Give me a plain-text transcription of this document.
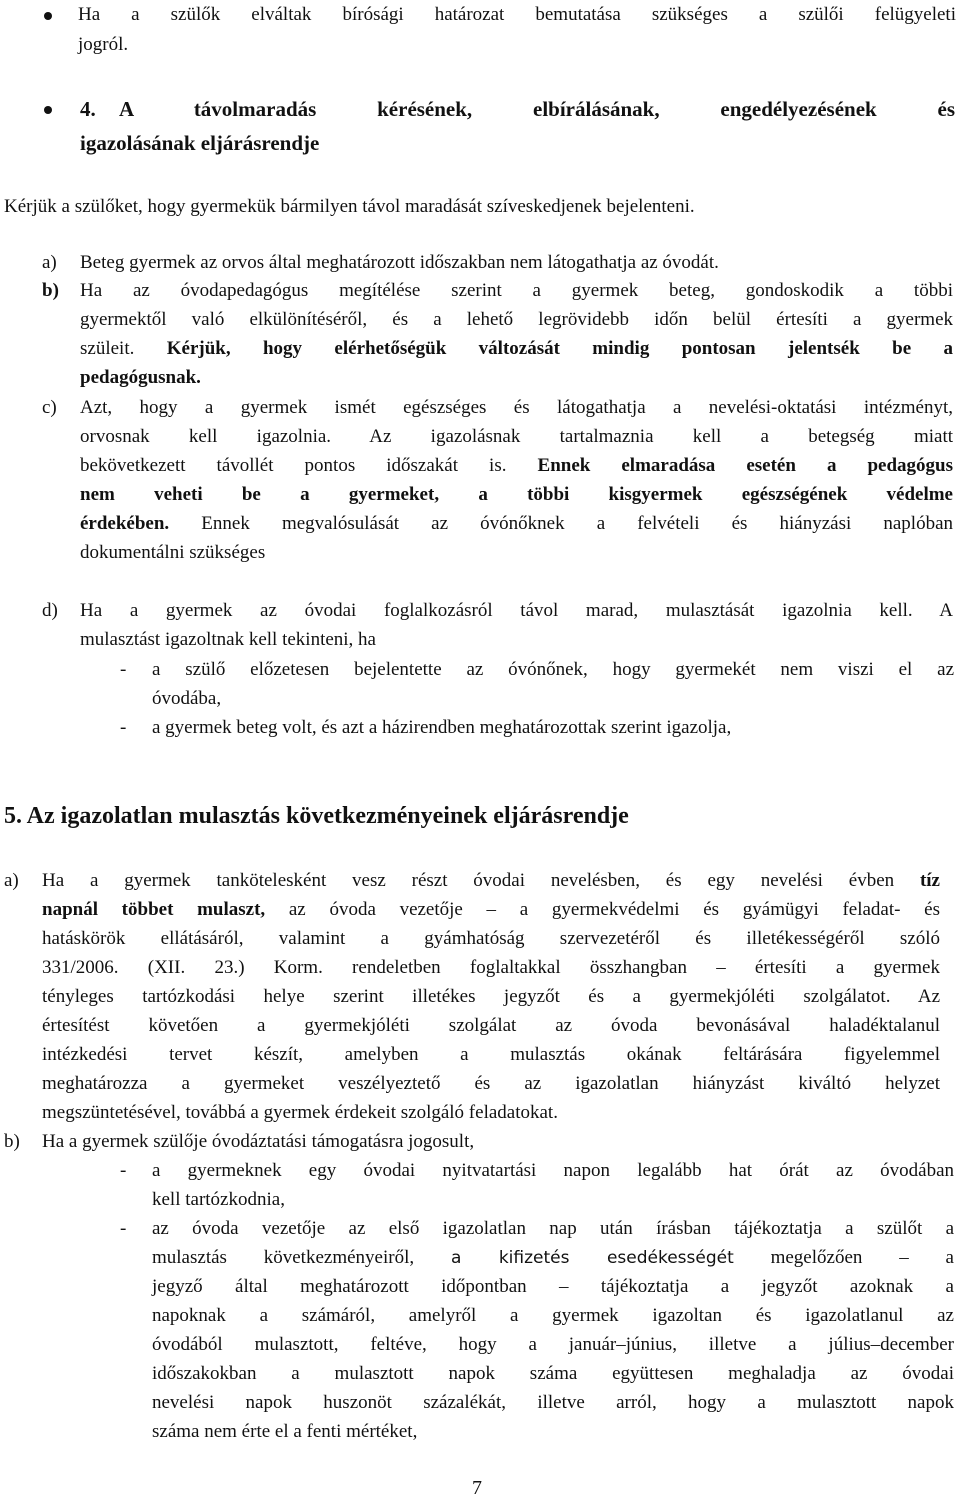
Ha a szülők elváltak bírósági határozat bemutatása szükséges a szülői felügyeleti
jogról.
4. A távolmaradás kérésének, elbírálásának, engedélyezésének és
igazolásának eljárásrendje
Kérjük a szülőket, hogy gyermekük bármilyen távol maradását szíveskedjenek bejelenteni.
a) Beteg gyermek az orvos által meghatározott időszakban nem látogathatja az óvodát.
b) Ha az óvodapedagógus megítélése szerint a gyermek beteg, gondoskodik a többi
gyermektől való elkülönítéséről, és a lehető legrövidebb időn belül értesíti a gyermek
szüleit. Kérjük, hogy elérhetőségük változását mindig pontosan jelentsék be a
pedagógusnak.
c) Azt, hogy a gyermek ismét egészséges és látogathatja a nevelési-oktatási intézményt,
orvosnak kell igazolnia. Az igazolásnak tartalmaznia kell a betegség miatt
bekövetkezett távollét pontos időszakát is. Ennek elmaradása esetén a pedagógus
nem veheti be a gyermeket, a többi kisgyermek egészségének védelme
érdekében. Ennek megvalósulását az óvónőknek a felvételi és hiányzási naplóban
dokumentálni szükséges
d) Ha a gyermek az óvodai foglalkozásról távol marad, mulasztását igazolnia kell. A
mulasztást igazoltnak kell tekinteni, ha
- a szülő előzetesen bejelentette az óvónőnek, hogy gyermekét nem viszi el az
óvodába,
- a gyermek beteg volt, és azt a házirendben meghatározottak szerint igazolja,
5. Az igazolatlan mulasztás következményeinek eljárásrendje
a) Ha a gyermek tankötelesként vesz részt óvodai nevelésben, és egy nevelési évben tíz
napnál többet mulaszt, az óvoda vezetője – a gyermekvédelmi és gyámügyi feladat- és
hatáskörök ellátásáról, valamint a gyámhatóság szervezetéről és illetékességéről szóló
331/2006. (XII. 23.) Korm. rendeletben foglaltakkal összhangban – értesíti a gyermek
tényleges tartózkodási helye szerint illetékes jegyzőt és a gyermekjóléti szolgálatot. Az
értesítést követően a gyermekjóléti szolgálat az óvoda bevonásával haladéktalanul
intézkedési tervet készít, amelyben a mulasztás okának feltárására figyelemmel
meghatározza a gyermeket veszélyeztető és az igazolatlan hiányzást kiváltó helyzet
megszüntetésével, továbbá a gyermek érdekeit szolgáló feladatokat.
b) Ha a gyermek szülője óvodáztatási támogatásra jogosult,
- a gyermeknek egy óvodai nyitvatartási napon legalább hat órát az óvodában
kell tartózkodnia,
- az óvoda vezetője az első igazolatlan nap után írásban tájékoztatja a szülőt a
mulasztás következményeiről, a kifizetés esedékességét megelőzően – a
jegyző által meghatározott időpontban – tájékoztatja a jegyzőt azoknak a
napoknak a számáról, amelyről a gyermek igazoltan és igazolatlanul az
óvodából mulasztott, feltéve, hogy a január–június, illetve a július–december
időszakokban a mulasztott napok száma együttesen meghaladja az óvodai
nevelési napok huszonöt százalékát, illetve arról, hogy a mulasztott napok
száma nem érte el a fenti mértéket,
7
